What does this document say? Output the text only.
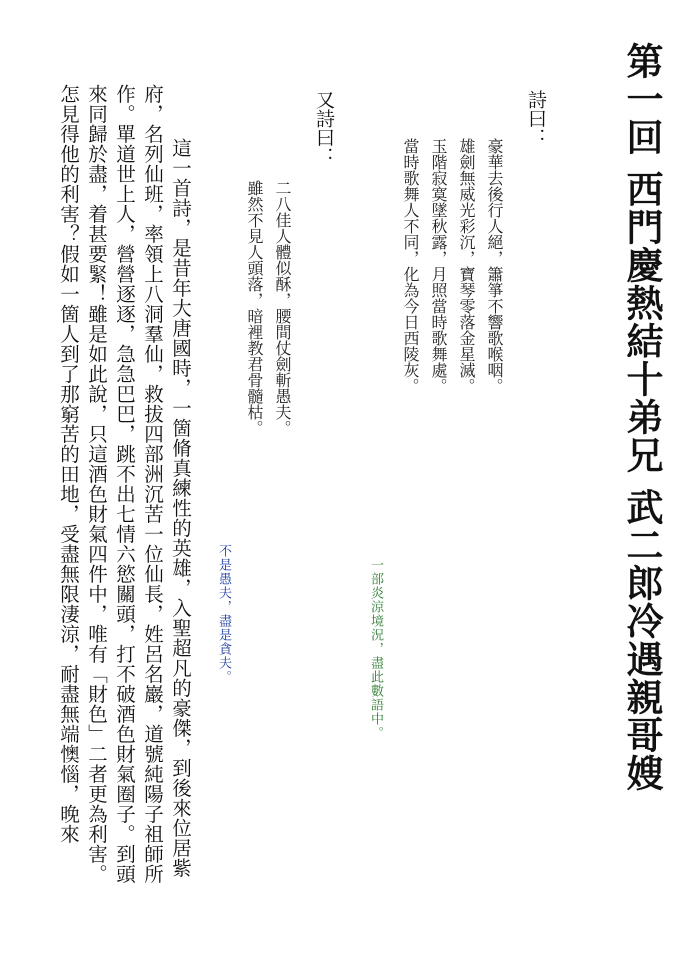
第一回 西門慶熱結十弟兄 武二郎冷遇親哥嫂
詩曰：
豪華去後行人絕，簫箏不響歌喉咽。
雄劍無威光彩沉，寶琴零落金星滅。
玉階寂寞墜秋露，月照當時歌舞處。
當時歌舞人不同，化為今日西陵灰。
一部炎涼境況，盡此數語中。
又詩曰：
二八佳人體似酥，腰間仗劍斬愚夫。
雖然不見人頭落，暗裡教君骨髓枯。
不是愚夫，盡是貪夫。
這一首詩，是昔年大唐國時，一箇脩真練性的英雄，入聖超凡的豪傑，到後來位居紫
府，名列仙班，率領上八洞羣仙，救拔四部洲沉苦一位仙長，姓呂名巖，道號純陽子祖師所
作。單道世上人，營營逐逐，急急巴巴，跳不出七情六慾關頭，打不破酒色財氣圈子。到頭
來同歸於盡，着甚要緊！雖是如此說，只這酒色財氣四件中，唯有「財色」二者更為利害。
怎見得他的利害？假如一箇人到了那窮苦的田地，受盡無限淒涼，耐盡無端懊惱，晚來
